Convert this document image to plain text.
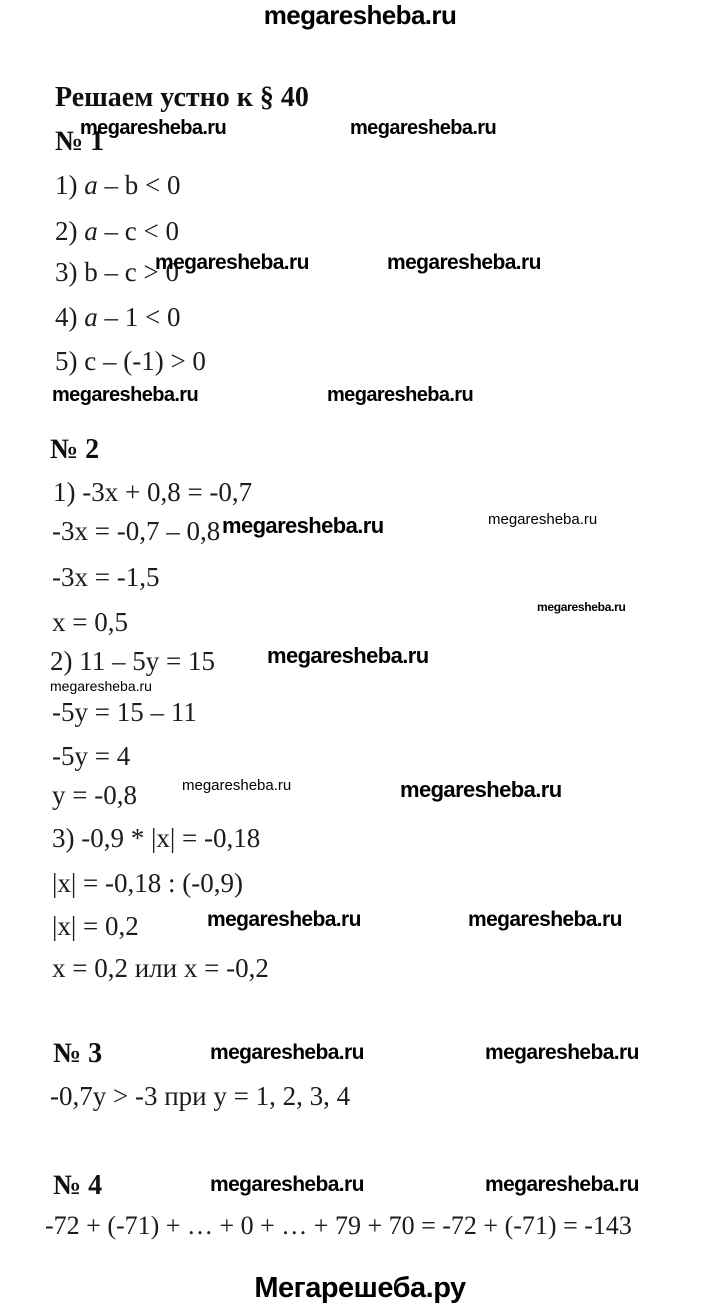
megaresheba.ru
Решаем устно к § 40
№ 1
megaresheba.ru	megaresheba.ru
1) a – b < 0
2) a – c < 0
3) b – c > 0
megaresheba.ru	megaresheba.ru
4) a – 1 < 0
5) c – (-1) > 0
megaresheba.ru	megaresheba.ru
№ 2
1) -3x + 0,8 = -0,7
-3x = -0,7 – 0,8 megaresheba.ru	megaresheba.ru
-3x = -1,5
x = 0,5	megaresheba.ru
2) 11 – 5y = 15 megaresheba.ru
megaresheba.ru
-5y = 15 – 11
-5y = 4
y = -0,8	megaresheba.ru	megaresheba.ru
3) -0,9 * |x| = -0,18
|x| = -0,18 : (-0,9)
|x| = 0,2	megaresheba.ru	megaresheba.ru
x = 0,2 или x = -0,2
№ 3	megaresheba.ru	megaresheba.ru
-0,7y > -3 при y = 1, 2, 3, 4
№ 4	megaresheba.ru	megaresheba.ru
-72 + (-71) + … + 0 + … + 79 + 70 = -72 + (-71) = -143
Мегарешеба.ру
